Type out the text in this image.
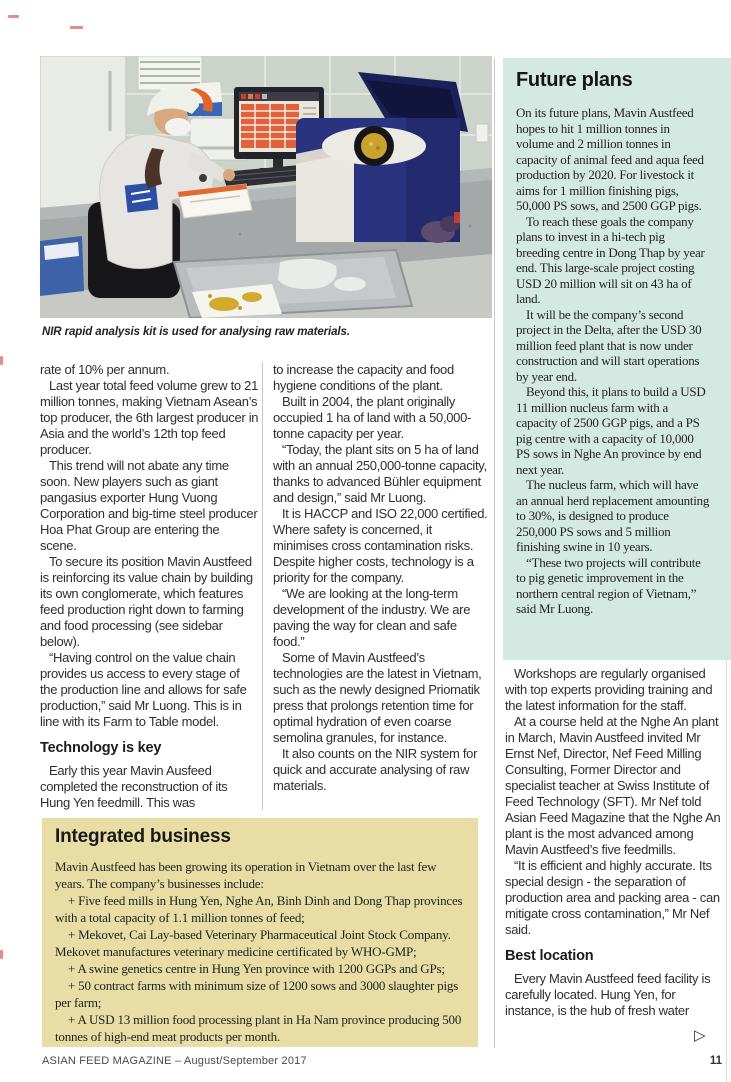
NIR rapid analysis kit is used for analysing raw materials.

rate of 10% per annum.

Last year total feed volume grew to 21 million tonnes, making Vietnam Asean’s top producer, the 6th largest producer in Asia and the world’s 12th top feed producer.

This trend will not abate any time soon. New players such as giant pangasius exporter Hung Vuong Corporation and big-time steel producer Hoa Phat Group are entering the scene.

To secure its position Mavin Austfeed is reinforcing its value chain by building its own conglomerate, which features feed production right down to farming and food processing (see sidebar below).

“Having control on the value chain provides us access to every stage of the production line and allows for safe production,” said Mr Luong. This is in line with its Farm to Table model.

Technology is key

Early this year Mavin Ausfeed completed the reconstruction of its Hung Yen feedmill. This was

to increase the capacity and food hygiene conditions of the plant.

Built in 2004, the plant originally occupied 1 ha of land with a 50,000-tonne capacity per year.

“Today, the plant sits on 5 ha of land with an annual 250,000-tonne capacity, thanks to advanced Bühler equipment and design,” said Mr Luong.

It is HACCP and ISO 22,000 certified. Where safety is concerned, it minimises cross contamination risks. Despite higher costs, technology is a priority for the company.

“We are looking at the long-term development of the industry. We are paving the way for clean and safe food.”

Some of Mavin Austfeed’s technologies are the latest in Vietnam, such as the newly designed Priomatik press that prolongs retention time for optimal hydration of even coarse semolina granules, for instance.

It also counts on the NIR system for quick and accurate analysing of raw materials.

Future plans

On its future plans, Mavin Austfeed hopes to hit 1 million tonnes in volume and 2 million tonnes in capacity of animal feed and aqua feed production by 2020. For livestock it aims for 1 million finishing pigs, 50,000 PS sows, and 2500 GGP pigs.

To reach these goals the company plans to invest in a hi-tech pig breeding centre in Dong Thap by year end. This large-scale project costing USD 20 million will sit on 43 ha of land.

It will be the company’s second project in the Delta, after the USD 30 million feed plant that is now under construction and will start operations by year end.

Beyond this, it plans to build a USD 11 million nucleus farm with a capacity of 2500 GGP pigs, and a PS pig centre with a capacity of 10,000 PS sows in Nghe An province by end next year.

The nucleus farm, which will have an annual herd replacement amounting to 30%, is designed to produce 250,000 PS sows and 5 million finishing swine in 10 years.

“These two projects will contribute to pig genetic improvement in the northern central region of Vietnam,” said Mr Luong.

Workshops are regularly organised with top experts providing training and the latest information for the staff.

At a course held at the Nghe An plant in March, Mavin Austfeed invited Mr Ernst Nef, Director, Nef Feed Milling Consulting, Former Director and specialist teacher at Swiss Institute of Feed Technology (SFT). Mr Nef told Asian Feed Magazine that the Nghe An plant is the most advanced among Mavin Austfeed’s five feedmills.

“It is efficient and highly accurate. Its special design - the separation of production area and packing area - can mitigate cross contamination,” Mr Nef said.

Best location

Every Mavin Austfeed feed facility is carefully located. Hung Yen, for instance, is the hub of fresh water

▷
Integrated business

Mavin Austfeed has been growing its operation in Vietnam over the last few years. The company’s businesses include:

+ Five feed mills in Hung Yen, Nghe An, Binh Dinh and Dong Thap provinces with a total capacity of 1.1 million tonnes of feed;

+ Mekovet, Cai Lay-based Veterinary Pharmaceutical Joint Stock Company. Mekovet manufactures veterinary medicine certificated by WHO-GMP;

+ A swine genetics centre in Hung Yen province with 1200 GGPs and GPs;

+ 50 contract farms with minimum size of 1200 sows and 3000 slaughter pigs per farm;

+ A USD 13 million food processing plant in Ha Nam province producing 500 tonnes of high-end meat products per month.

ASIAN FEED MAGAZINE – August/September 2017	11
